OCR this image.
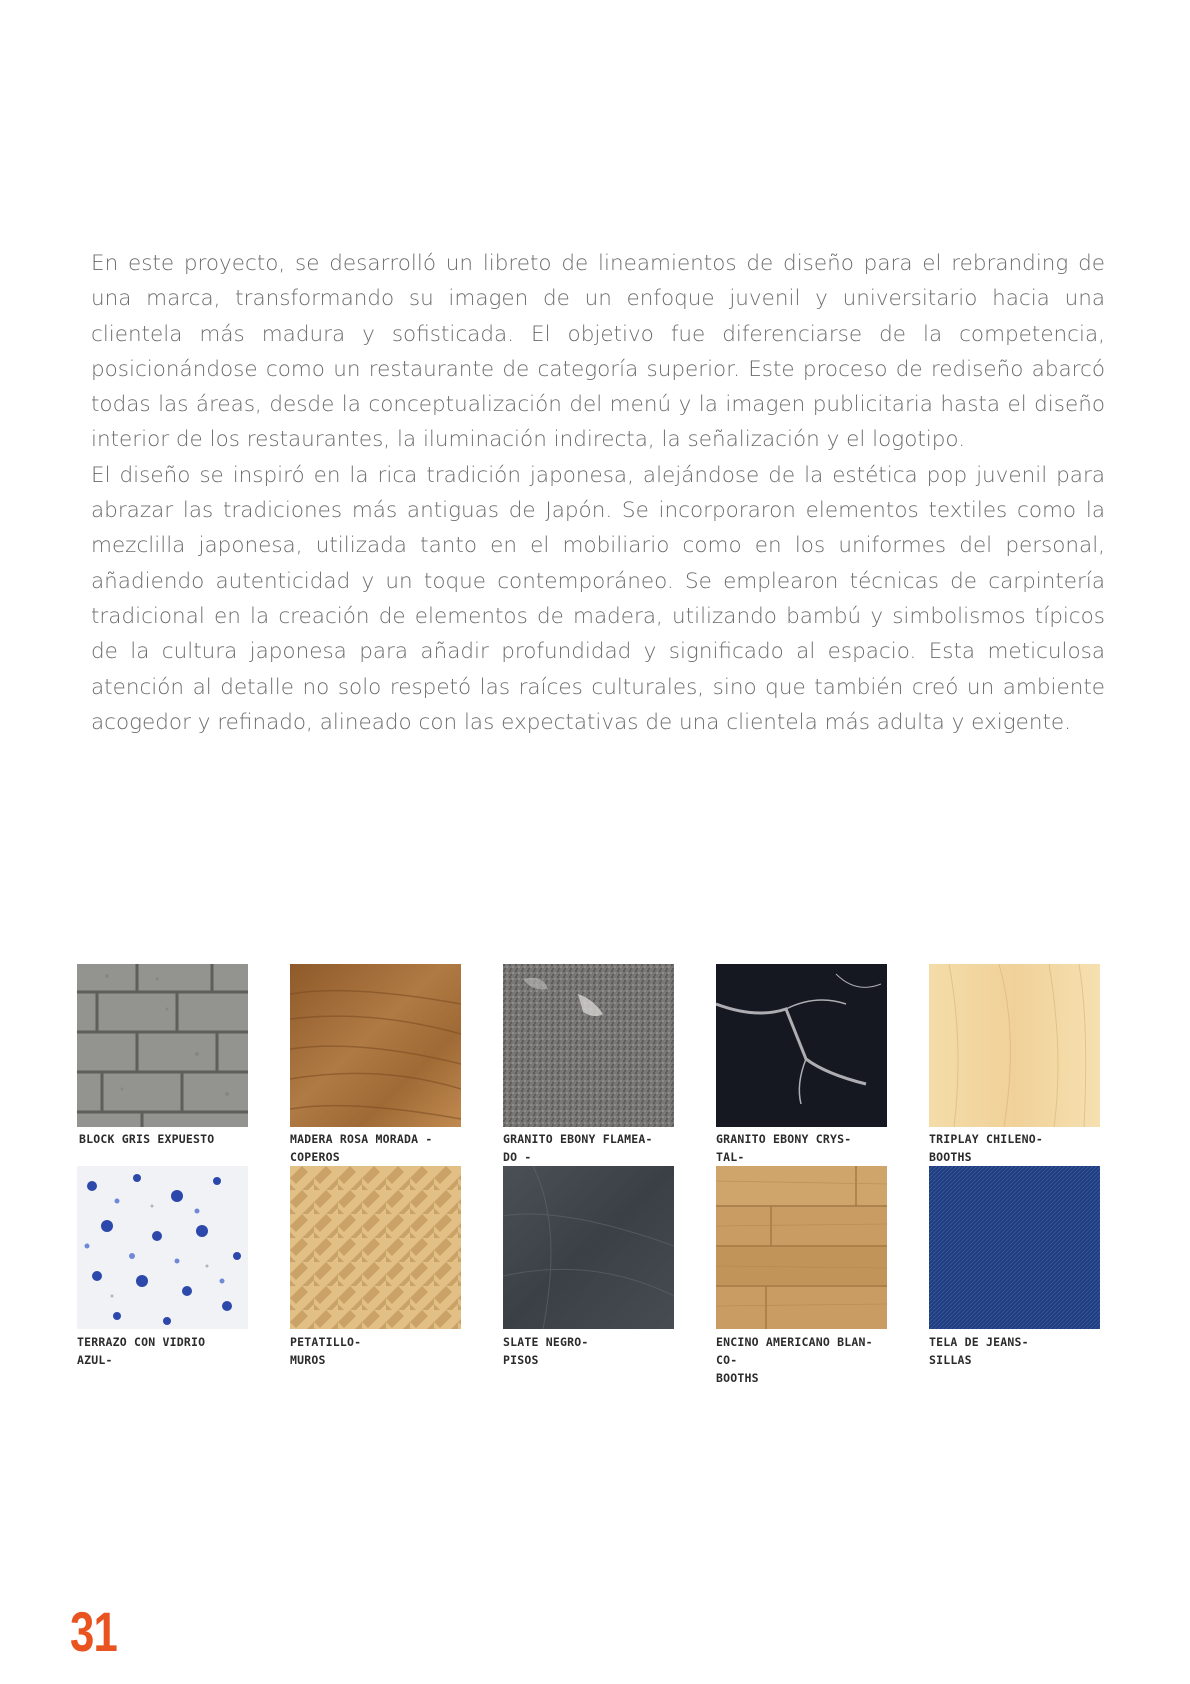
En este proyecto, se desarrolló un libreto de lineamientos de diseño para el rebranding de una marca, transformando su imagen de un enfoque juvenil y universitario hacia una clientela más madura y sofisticada. El objetivo fue diferenciarse de la competencia, posicionándose como un restaurante de categoría superior. Este proceso de rediseño abarcó todas las áreas, desde la conceptualización del menú y la imagen publicitaria hasta el diseño interior de los restaurantes, la iluminación indirecta, la señalización y el logotipo.

El diseño se inspiró en la rica tradición japonesa, alejándose de la estética pop juvenil para abrazar las tradiciones más antiguas de Japón. Se incorporaron elementos textiles como la mezclilla japonesa, utilizada tanto en el mobiliario como en los uniformes del personal, añadiendo autenticidad y un toque contemporáneo. Se emplearon técnicas de carpintería tradicional en la creación de elementos de madera, utilizando bambú y simbolismos típicos de la cultura japonesa para añadir profundidad y significado al espacio. Esta meticulosa atención al detalle no solo respetó las raíces culturales, sino que también creó un ambiente acogedor y refinado, alineado con las expectativas de una clientela más adulta y exigente.

BLOCK GRIS EXPUESTO	MADERA ROSA MORADA -
COPEROS
GRANITO EBONY FLAMEA-
DO -
GRANITO EBONY CRYS-
TAL-
TRIPLAY CHILENO-
BOOTHS
TERRAZO CON VIDRIO
AZUL-
PETATILLO-
MUROS
SLATE NEGRO-
PISOS
ENCINO AMERICANO BLAN-
CO-
BOOTHS
TELA DE JEANS-
SILLAS
31
